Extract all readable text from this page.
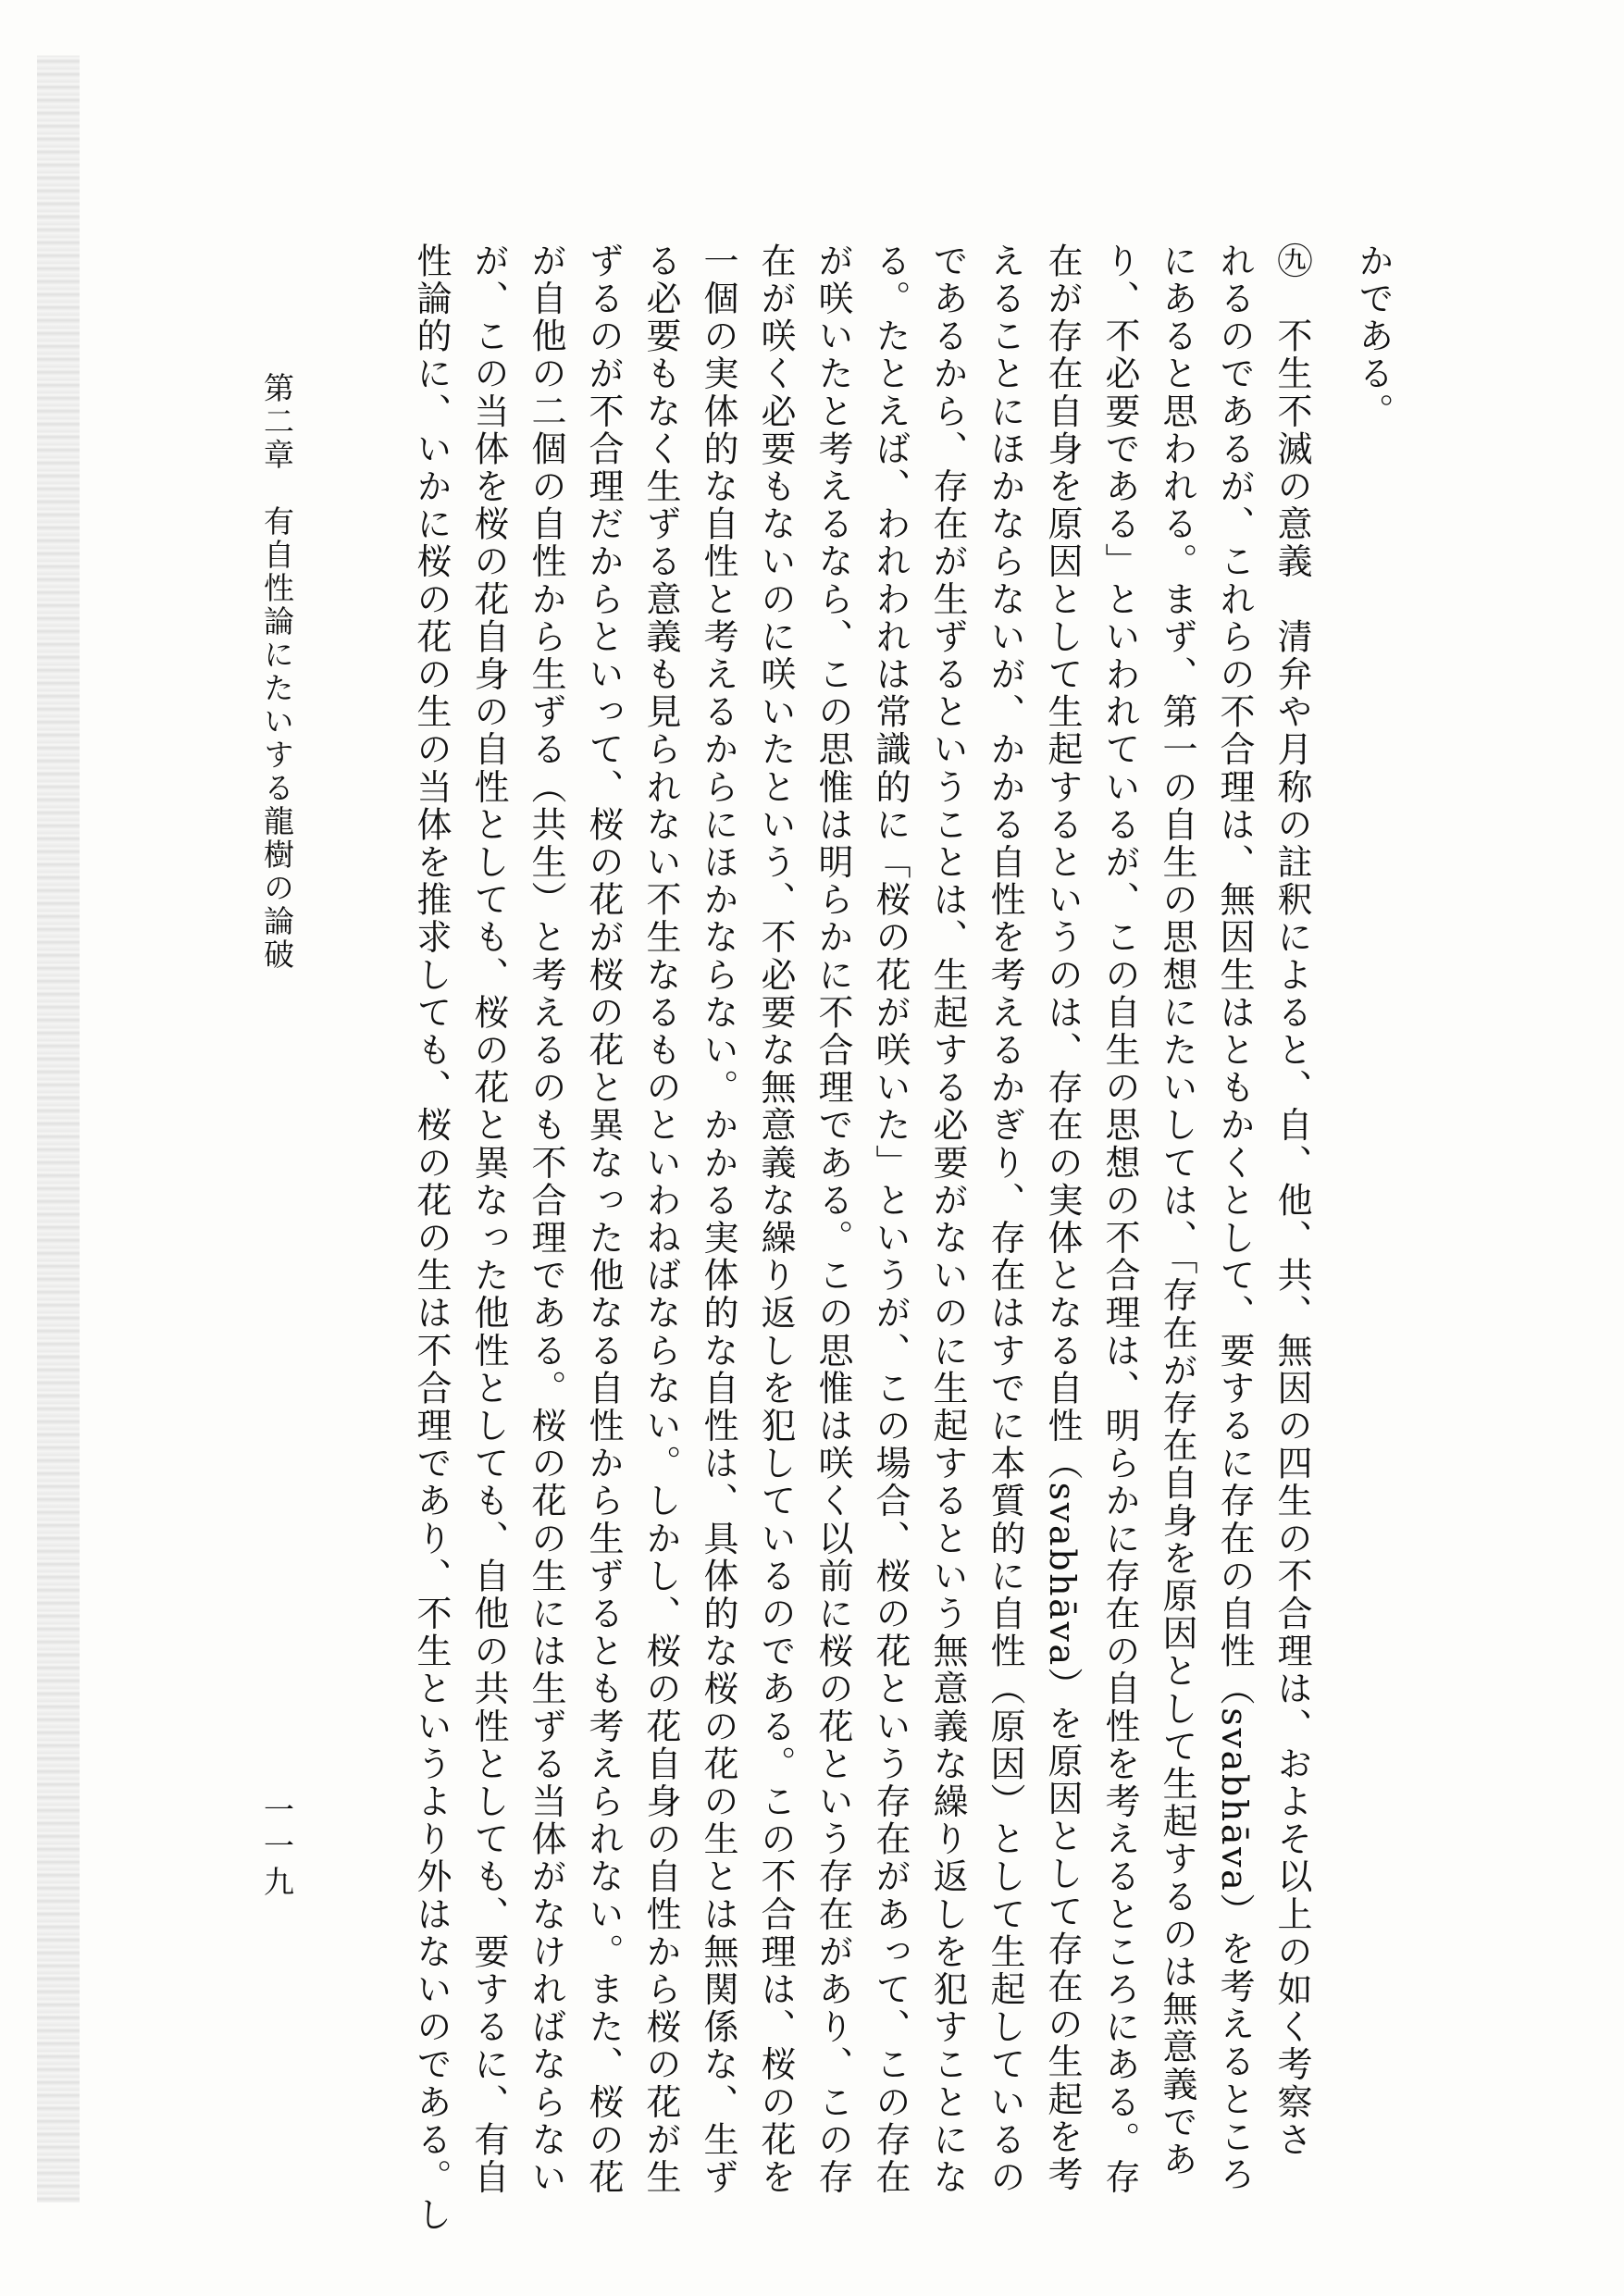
かである。
㊈　不生不滅の意義　清弁や月称の註釈によると、自、他、共、無因の四生の不合理は、およそ以上の如く考察さ
れるのであるが、これらの不合理は、無因生はともかくとして、要するに存在の自性（svabhāva）を考えるところ
にあると思われる。まず、第一の自生の思想にたいしては、「存在が存在自身を原因として生起するのは無意義であ
り、不必要である」といわれているが、この自生の思想の不合理は、明らかに存在の自性を考えるところにある。存
在が存在自身を原因として生起するというのは、存在の実体となる自性（svabhāva）を原因として存在の生起を考
えることにほかならないが、かかる自性を考えるかぎり、存在はすでに本質的に自性（原因）として生起しているの
であるから、存在が生ずるということは、生起する必要がないのに生起するという無意義な繰り返しを犯すことにな
る。たとえば、われわれは常識的に「桜の花が咲いた」というが、この場合、桜の花という存在があって、この存在
が咲いたと考えるなら、この思惟は明らかに不合理である。この思惟は咲く以前に桜の花という存在があり、この存
在が咲く必要もないのに咲いたという、不必要な無意義な繰り返しを犯しているのである。この不合理は、桜の花を
一個の実体的な自性と考えるからにほかならない。かかる実体的な自性は、具体的な桜の花の生とは無関係な、生ず
る必要もなく生ずる意義も見られない不生なるものといわねばならない。しかし、桜の花自身の自性から桜の花が生
ずるのが不合理だからといって、桜の花が桜の花と異なった他なる自性から生ずるとも考えられない。また、桜の花
が自他の二個の自性から生ずる（共生）と考えるのも不合理である。桜の花の生には生ずる当体がなければならない
が、この当体を桜の花自身の自性としても、桜の花と異なった他性としても、自他の共性としても、要するに、有自
性論的に、いかに桜の花の生の当体を推求しても、桜の花の生は不合理であり、不生というより外はないのである。し
第二章　有自性論にたいする龍樹の論破
一一九
